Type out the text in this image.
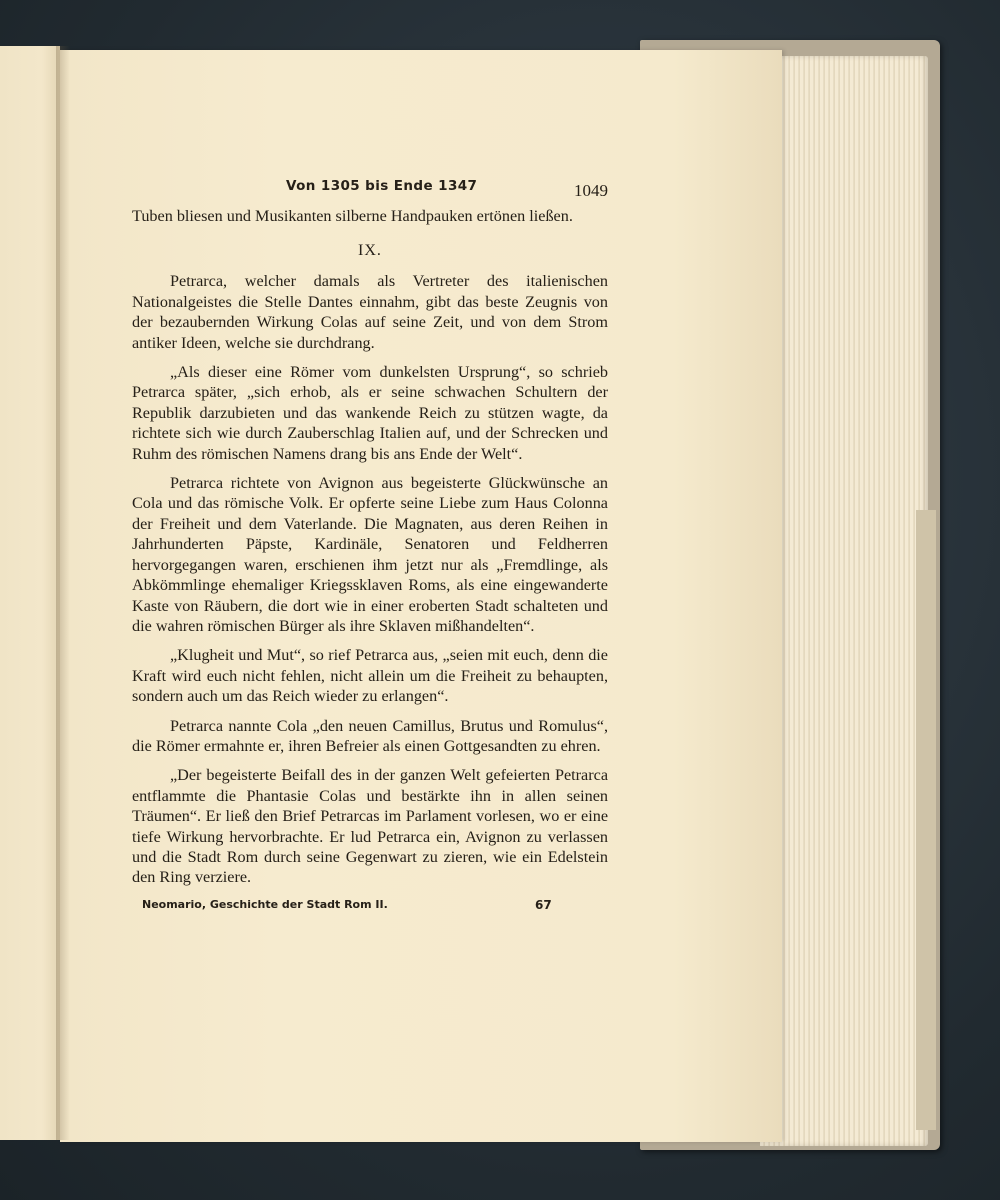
Von 1305 bis Ende 1347	1049

Tuben bliesen und Musikanten silberne Handpauken ertönen ließen.

IX.

Petrarca, welcher damals als Vertreter des italienischen Nationalgeistes die Stelle Dantes einnahm, gibt das beste Zeugnis von der bezaubernden Wirkung Colas auf seine Zeit, und von dem Strom antiker Ideen, welche sie durchdrang.

„Als dieser eine Römer vom dunkelsten Ursprung“, so schrieb Petrarca später, „sich erhob, als er seine schwachen Schultern der Republik darzubieten und das wankende Reich zu stützen wagte, da richtete sich wie durch Zauberschlag Italien auf, und der Schrecken und Ruhm des römischen Namens drang bis ans Ende der Welt“.

Petrarca richtete von Avignon aus begeisterte Glückwünsche an Cola und das römische Volk. Er opferte seine Liebe zum Haus Colonna der Freiheit und dem Vaterlande. Die Magnaten, aus deren Reihen in Jahrhunderten Päpste, Kardinäle, Senatoren und Feldherren hervorgegangen waren, erschienen ihm jetzt nur als „Fremdlinge, als Abkömmlinge ehemaliger Kriegssklaven Roms, als eine eingewanderte Kaste von Räubern, die dort wie in einer eroberten Stadt schalteten und die wahren römischen Bürger als ihre Sklaven mißhandelten“.

„Klugheit und Mut“, so rief Petrarca aus, „seien mit euch, denn die Kraft wird euch nicht fehlen, nicht allein um die Freiheit zu behaupten, sondern auch um das Reich wieder zu erlangen“.

Petrarca nannte Cola „den neuen Camillus, Brutus und Romulus“, die Römer ermahnte er, ihren Befreier als einen Gottgesandten zu ehren.

„Der begeisterte Beifall des in der ganzen Welt gefeierten Petrarca entflammte die Phantasie Colas und bestärkte ihn in allen seinen Träumen“. Er ließ den Brief Petrarcas im Parlament vorlesen, wo er eine tiefe Wirkung hervorbrachte. Er lud Petrarca ein, Avignon zu verlassen und die Stadt Rom durch seine Gegenwart zu zieren, wie ein Edelstein den Ring verziere.

Neomario, Geschichte der Stadt Rom II.	67
